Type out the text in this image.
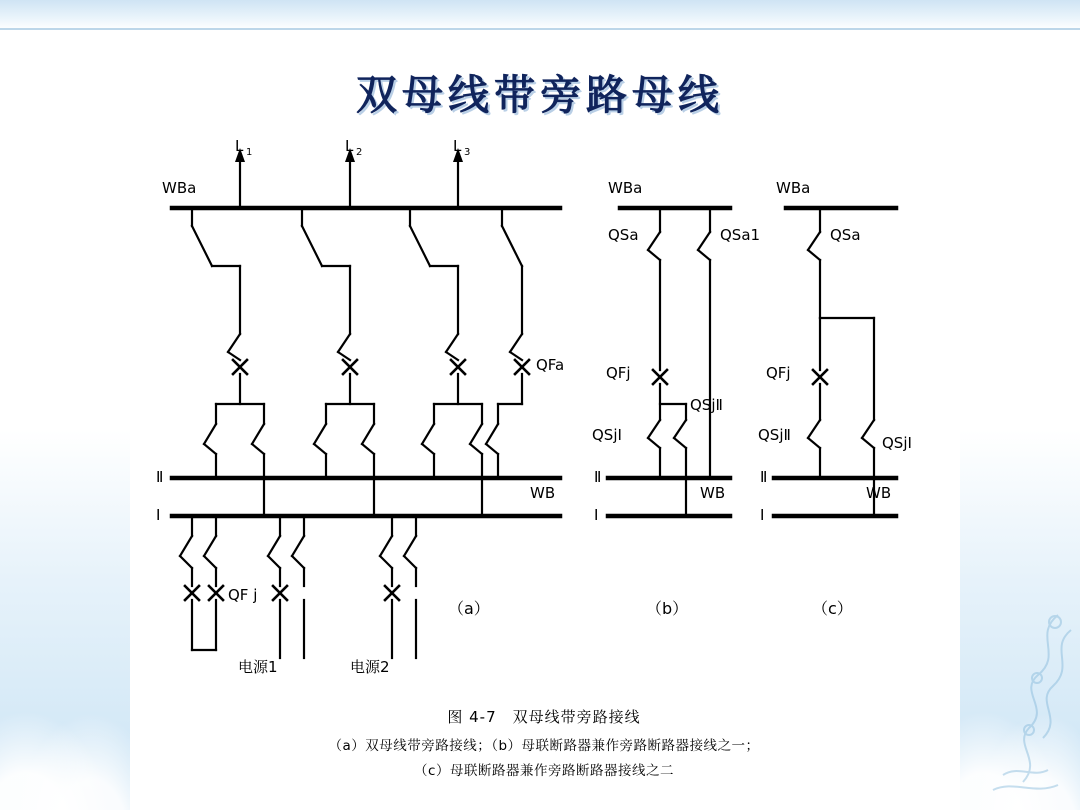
双母线带旁路母线
L 1	L 2	L 3
WBa
QFa
Ⅱ
Ⅰ
WB
QF j
电源1	电源2
WBa
QSa	QSa1
QFj
QSjⅡ
QSjⅠ
Ⅱ
Ⅰ
WB
WBa
QSa
QFj
QSjⅡ	QSjⅠ
Ⅱ
Ⅰ
WB
（a）	（b）	（c）
图 4-7　双母线带旁路接线
（a）双母线带旁路接线；（b）母联断路器兼作旁路断路器接线之一；
（c）母联断路器兼作旁路断路器接线之二
